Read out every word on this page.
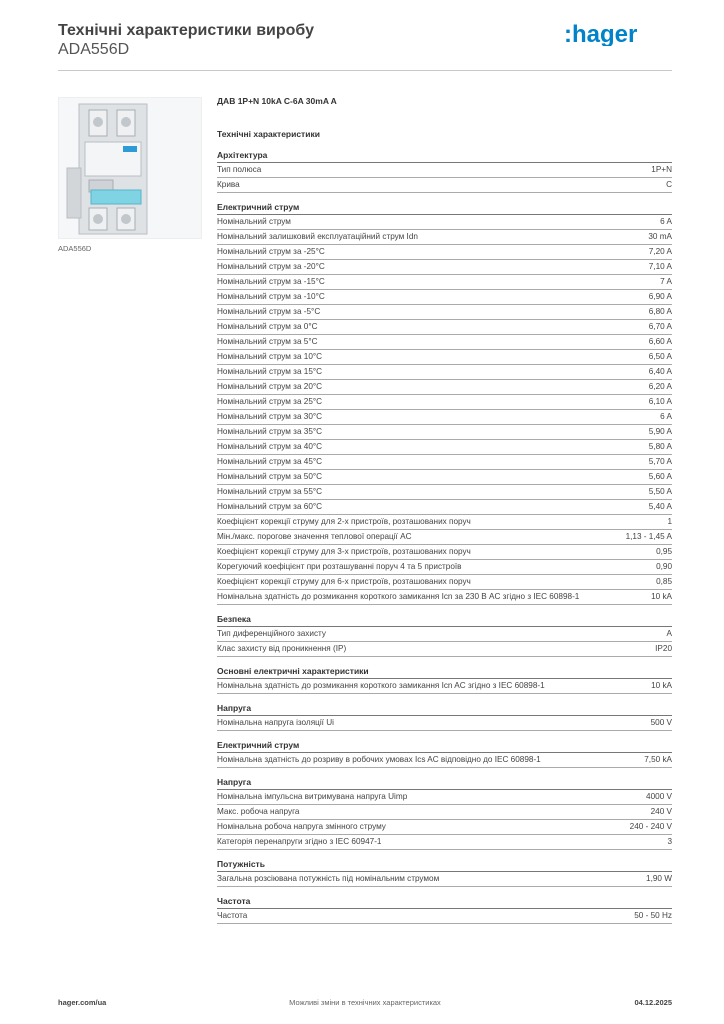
Технічні характеристики виробу
ADA556D
:hager
ADA556D
ДАВ 1P+N 10kA C-6A 30mA A
Технічні характеристики
Архітектура
Тип полюса	1P+N
Крива	C
Електричний струм
Номінальний струм	6 A
Номінальний залишковий експлуатаційний струм Idn	30 mA
Номінальний струм за -25°C	7,20 A
Номінальний струм за -20°C	7,10 A
Номінальний струм за -15°C	7 A
Номінальний струм за -10°C	6,90 A
Номінальний струм за -5°C	6,80 A
Номінальний струм за 0°C	6,70 A
Номінальний струм за 5°C	6,60 A
Номінальний струм за 10°C	6,50 A
Номінальний струм за 15°C	6,40 A
Номінальний струм за 20°C	6,20 A
Номінальний струм за 25°C	6,10 A
Номінальний струм за 30°C	6 A
Номінальний струм за 35°C	5,90 A
Номінальний струм за 40°C	5,80 A
Номінальний струм за 45°C	5,70 A
Номінальний струм за 50°C	5,60 A
Номінальний струм за 55°C	5,50 A
Номінальний струм за 60°C	5,40 A
Коефіцієнт корекції струму для 2-х пристроїв, розташованих поруч	1
Мін./макс. порогове значення теплової операції AC	1,13 - 1,45 A
Коефіцієнт корекції струму для 3-х пристроїв, розташованих поруч	0,95
Корегуючий коефіцієнт при розташуванні поруч 4 та 5 пристроїв	0,90
Коефіцієнт корекції струму для 6-х пристроїв, розташованих поруч	0,85
Номінальна здатність до розмикання короткого замикання Icn за 230 В AC згідно з IEC 60898-1	10 kA
Безпека
Тип диференційного захисту	A
Клас захисту від проникнення (IP)	IP20
Основні електричні характеристики
Номінальна здатність до розмикання короткого замикання Icn AC згідно з IEC 60898-1	10 kA
Напруга
Номінальна напруга ізоляції Ui	500 V
Електричний струм
Номінальна здатність до розриву в робочих умовах Ics AC відповідно до IEC 60898-1	7,50 kA
Напруга
Номінальна імпульсна витримувана напруга Uimp	4000 V
Макс. робоча напруга	240 V
Номінальна робоча напруга змінного струму	240 - 240 V
Категорія перенапруги згідно з IEC 60947-1	3
Потужність
Загальна розсіювана потужність під номінальним струмом	1,90 W
Частота
Частота	50 - 50 Hz
hager.com/ua	Можливі зміни в технічних характеристиках	04.12.2025
